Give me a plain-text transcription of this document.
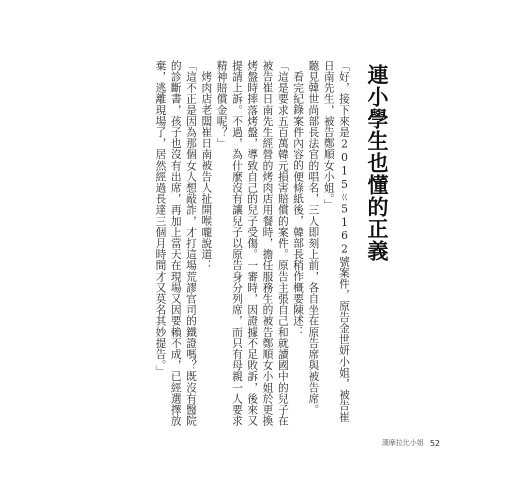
連小學生也懂的正義

「好，接下來是2015ㄍ5162號案件，原告金世妍小姐，被告崔日南先生，被告鄭順女小姐。」

聽見韓世尚部長法官的唱名，三人即刻上前，各自坐在原告席與被告席。

看完紀錄案件內容的便條紙後，韓部長稍作概要陳述：

「這是要求五百萬韓元損害賠償的案件。原告主張自己和就讀國中的兒子在被告崔日南先生經營的烤肉店用餐時，擔任服務生的被告鄭順女小姐於更換烤盤時摔落烤盤，導致自己的兒子受傷。一審時，因證據不足敗訴，後來又提請上訴。不過，為什麼沒有讓兒子以原告身分列席，而只有母親一人要求精神賠償金呢？」

烤肉店老闆崔日南被告人扯開喉嚨說道：

「這不正是因為那個女人想敲詐，才打這場荒謬官司的鐵證嗎？既沒有醫院的診斷書，孩子也沒有出席，再加上當天在現場又因要賴不成，已經選擇放棄，逃離現場了，居然經過長達三個月時間才又莫名其妙提告。」

漢摩拉比小姐 52
